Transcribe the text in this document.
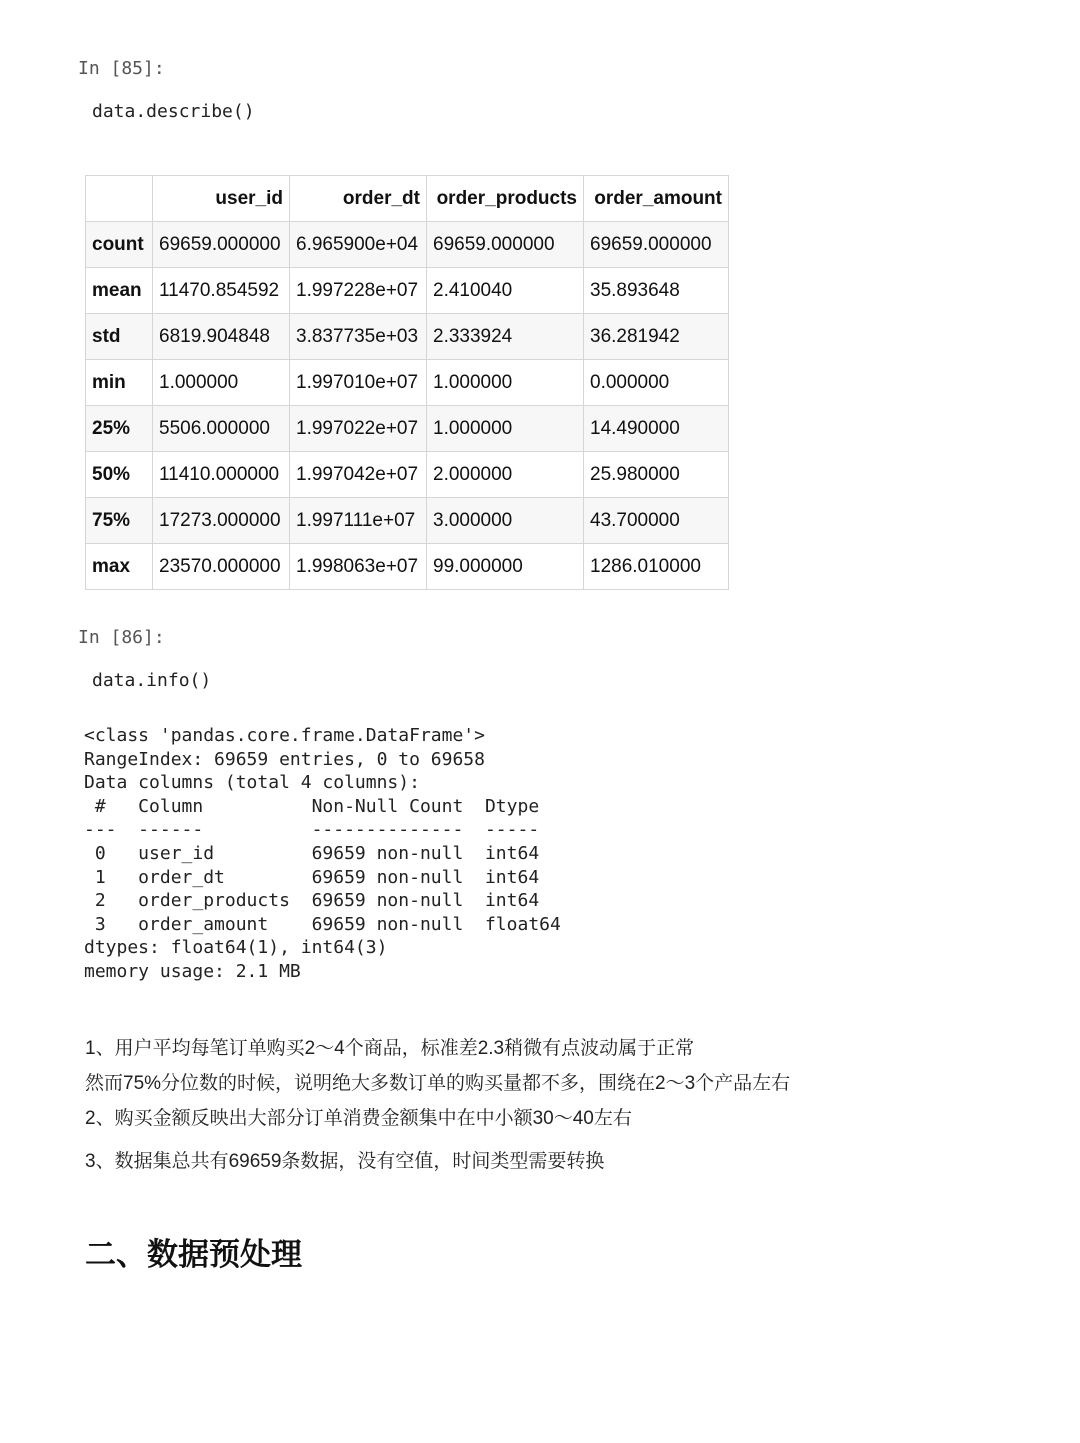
In [85]:
data.describe()
	user_id	order_dt	order_products	order_amount
count	69659.000000	6.965900e+04	69659.000000	69659.000000
mean	11470.854592	1.997228e+07	2.410040	35.893648
std	6819.904848	3.837735e+03	2.333924	36.281942
min	1.000000	1.997010e+07	1.000000	0.000000
25%	5506.000000	1.997022e+07	1.000000	14.490000
50%	11410.000000	1.997042e+07	2.000000	25.980000
75%	17273.000000	1.997111e+07	3.000000	43.700000
max	23570.000000	1.998063e+07	99.000000	1286.010000
In [86]:
data.info()
<class 'pandas.core.frame.DataFrame'>
RangeIndex: 69659 entries, 0 to 69658
Data columns (total 4 columns):
#   Column          Non-Null Count  Dtype
---  ------          --------------  -----
0   user_id         69659 non-null  int64
1   order_dt        69659 non-null  int64
2   order_products  69659 non-null  int64
3   order_amount    69659 non-null  float64
dtypes: float64(1), int64(3)
memory usage: 2.1 MB
1、用户平均每笔订单购买2～4个商品，标准差2.3稍微有点波动属于正常
然而75%分位数的时候，说明绝大多数订单的购买量都不多，围绕在2～3个产品左右
2、购买金额反映出大部分订单消费金额集中在中小额30～40左右
3、数据集总共有69659条数据，没有空值，时间类型需要转换
二、数据预处理
